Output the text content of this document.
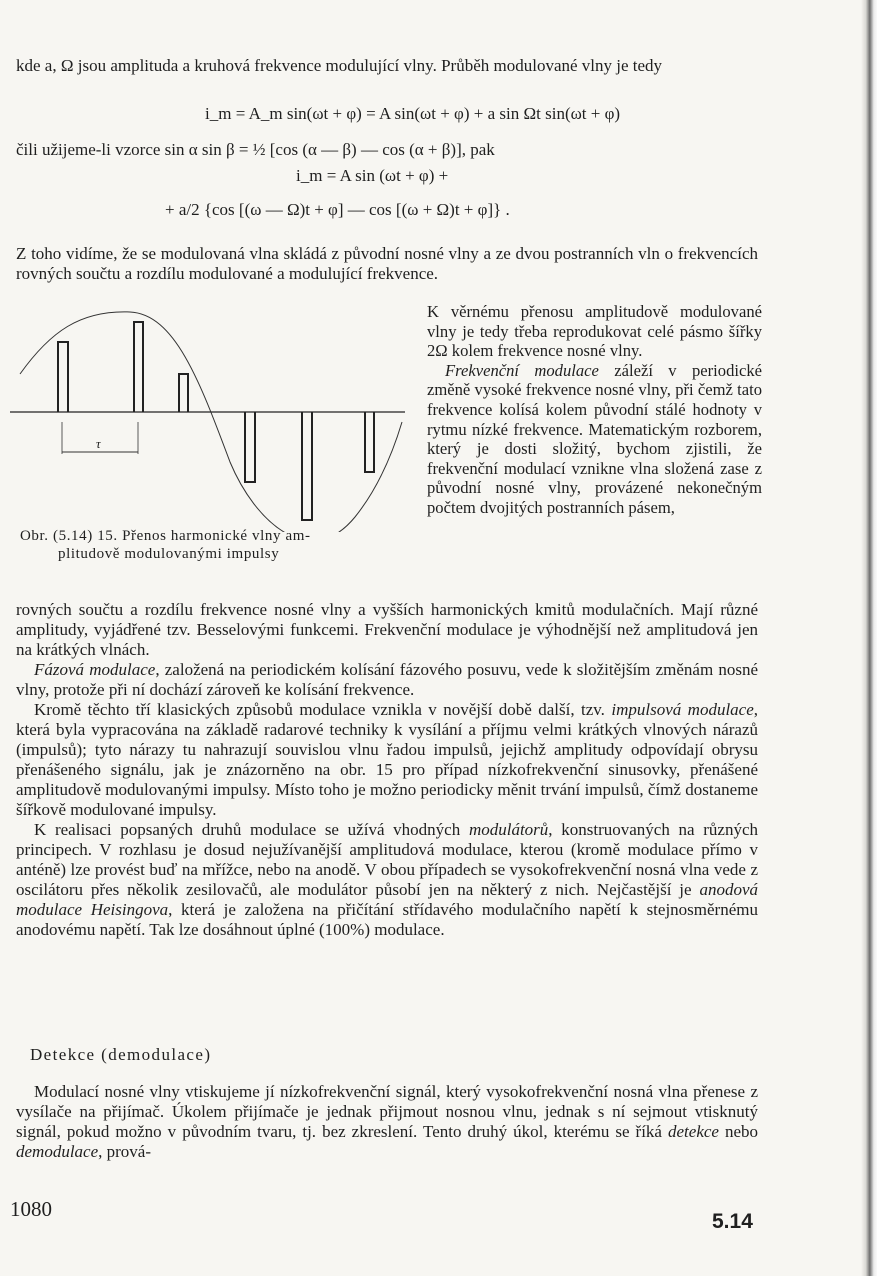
kde a, Ω jsou amplituda a kruhová frekvence modulující vlny. Průběh modulované vlny je tedy

i_m = A_m sin(ωt + φ) = A sin(ωt + φ) + a sin Ωt sin(ωt + φ)

čili užijeme-li vzorce sin α sin β = ½ [cos (α — β) — cos (α + β)], pak

i_m = A sin (ωt + φ) +
+ a/2 {cos [(ω — Ω)t + φ] — cos [(ω + Ω)t + φ]} .

Z toho vidíme, že se modulovaná vlna skládá z původní nosné vlny a ze dvou postranních vln o frekvencích rovných součtu a rozdílu modulované a modulující frekvence.

K věrnému přenosu amplitudově modulované vlny je tedy třeba reprodukovat celé pásmo šířky 2Ω kolem frekvence nosné vlny.

Frekvenční modulace záleží v periodické změně vysoké frekvence nosné vlny, při čemž tato frekvence kolísá kolem původní stálé hodnoty v rytmu nízké frekvence. Matematickým rozborem, který je dosti složitý, bychom zjistili, že frekvenční modulací vznikne vlna složená zase z původní nosné vlny, provázené nekonečným počtem dvojitých postranních pásem,

τ
Obr. (5.14) 15. Přenos harmonické vlny am-
plitudově modulovanými impulsy

rovných součtu a rozdílu frekvence nosné vlny a vyšších harmonických kmitů modulačních. Mají různé amplitudy, vyjádřené tzv. Besselovými funkcemi. Frekvenční modulace je výhodnější než amplitudová jen na krátkých vlnách.

Fázová modulace, založená na periodickém kolísání fázového posuvu, vede k složitějším změnám nosné vlny, protože při ní dochází zároveň ke kolísání frekvence.

Kromě těchto tří klasických způsobů modulace vznikla v novější době další, tzv. impulsová modulace, která byla vypracována na základě radarové techniky k vysílání a příjmu velmi krátkých vlnových nárazů (impulsů); tyto nárazy tu nahrazují souvislou vlnu řadou impulsů, jejichž amplitudy odpovídají obrysu přenášeného signálu, jak je znázorněno na obr. 15 pro případ nízkofrekvenční sinusovky, přenášené amplitudově modulovanými impulsy. Místo toho je možno periodicky měnit trvání impulsů, čímž dostaneme šířkově modulované impulsy.

K realisaci popsaných druhů modulace se užívá vhodných modulátorů, konstruovaných na různých principech. V rozhlasu je dosud nejužívanější amplitudová modulace, kterou (kromě modulace přímo v anténě) lze provést buď na mřížce, nebo na anodě. V obou případech se vysokofrekvenční nosná vlna vede z oscilátoru přes několik zesilovačů, ale modulátor působí jen na některý z nich. Nejčastější je anodová modulace Heisingova, která je založena na přičítání střídavého modulačního napětí k stejnosměrnému anodovému napětí. Tak lze dosáhnout úplné (100%) modulace.

Detekce (demodulace)

Modulací nosné vlny vtiskujeme jí nízkofrekvenční signál, který vysokofrekvenční nosná vlna přenese z vysílače na přijímač. Úkolem přijímače je jednak přijmout nosnou vlnu, jednak s ní sejmout vtisknutý signál, pokud možno v původním tvaru, tj. bez zkreslení. Tento druhý úkol, kterému se říká detekce nebo demodulace, prová-

1080
5.14
